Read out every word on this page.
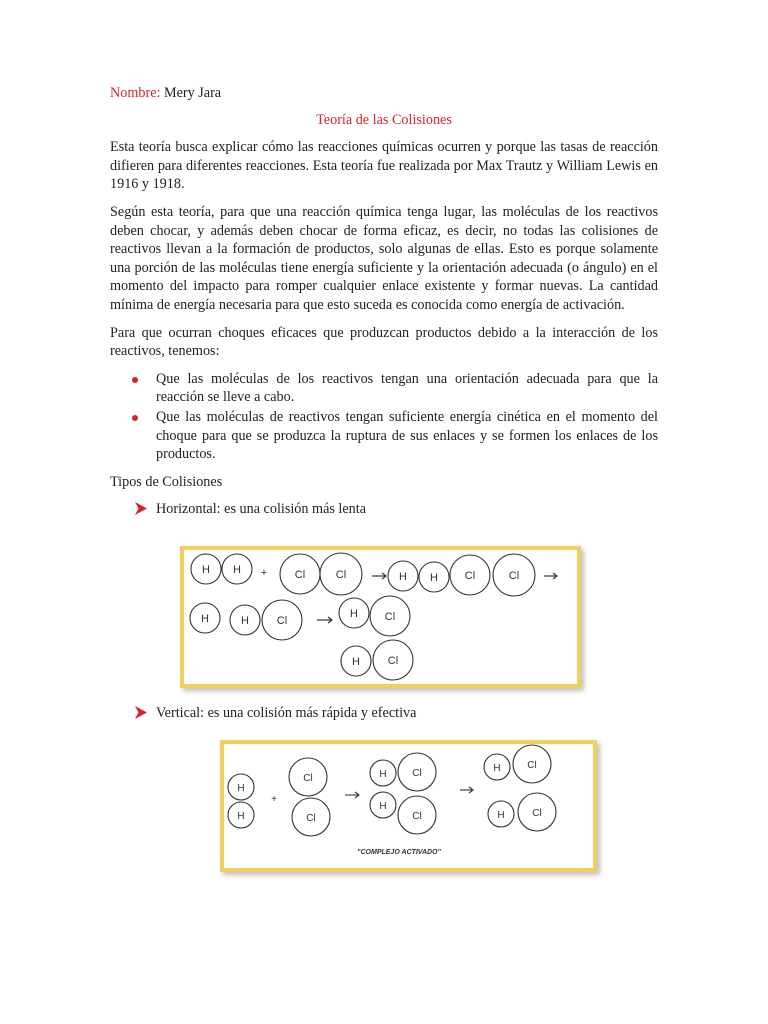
Nombre: Mery Jara
Teoría de las Colisiones

Esta teoría busca explicar cómo las reacciones químicas ocurren y porque las tasas de reacción difieren para diferentes reacciones. Esta teoría fue realizada por Max Trautz y William Lewis en 1916 y 1918.

Según esta teoría, para que una reacción química tenga lugar, las moléculas de los reactivos deben chocar, y además deben chocar de forma eficaz, es decir, no todas las colisiones de reactivos llevan a la formación de productos, solo algunas de ellas. Esto es porque solamente una porción de las moléculas tiene energía suficiente y la orientación adecuada (o ángulo) en el momento del impacto para romper cualquier enlace existente y formar nuevas. La cantidad mínima de energía necesaria para que esto suceda es conocida como energía de activación.

Para que ocurran choques eficaces que produzcan productos debido a la interacción de los reactivos, tenemos:

Que las moléculas de los reactivos tengan una orientación adecuada para que la reacción se lleve a cabo.
Que las moléculas de reactivos tengan suficiente energía cinética en el momento del choque para que se produzca la ruptura de sus enlaces y se formen los enlaces de los productos.
Tipos de Colisiones
Horizontal: es una colisión más lenta
H H +	Cl	Cl	H H Cl	Cl
H	H	Cl
H Cl
H	Cl
Vertical: es una colisión más rápida y efectiva
H
H
+
Cl
Cl
H	Cl
H
Cl
H	Cl
H	Cl
"COMPLEJO ACTIVADO"
